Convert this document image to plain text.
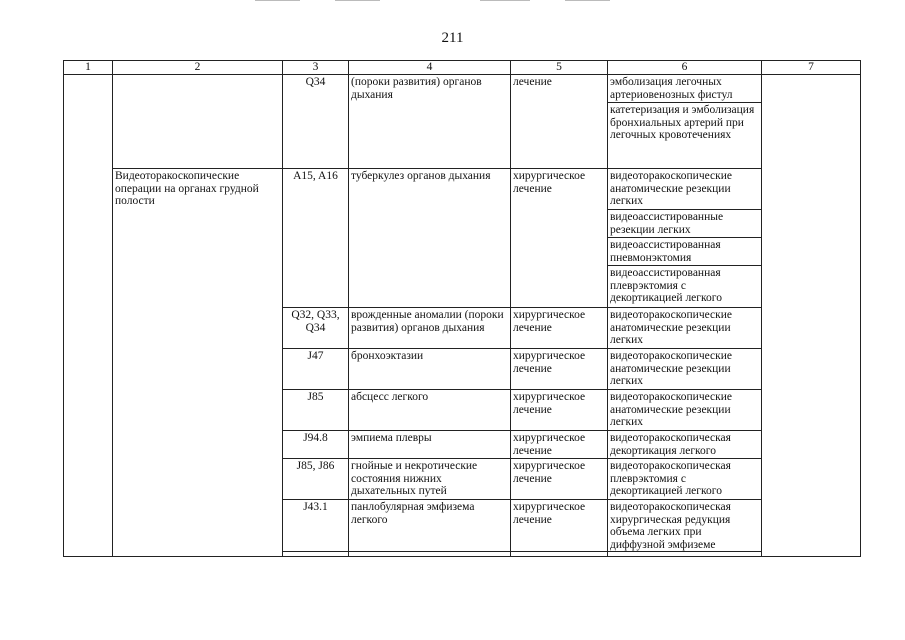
211
1	2	3	4	5	6	7
		Q34	(пороки развития) органов дыхания	лечение	эмболизация легочных артериовенозных фистул	
					катетеризация и эмболизация бронхиальных артерий при легочных кровотечениях	
	Видеоторакоскопические операции на органах грудной полости	A15, A16	туберкулез органов дыхания	хирургическое лечение	видеоторакоскопические анатомические резекции легких	
					видеоассистированные резекции легких	
					видеоассистированная пневмонэктомия	
					видеоассистированная плеврэктомия с декортикацией легкого	
		Q32, Q33, Q34	врожденные аномалии (пороки развития) органов дыхания	хирургическое лечение	видеоторакоскопические анатомические резекции легких	
		J47	бронхоэктазии	хирургическое лечение	видеоторакоскопические анатомические резекции легких	
		J85	абсцесс легкого	хирургическое лечение	видеоторакоскопические анатомические резекции легких	
		J94.8	эмпиема плевры	хирургическое лечение	видеоторакоскопическая декортикация легкого	
		J85, J86	гнойные и некротические состояния нижних дыхательных путей	хирургическое лечение	видеоторакоскопическая плеврэктомия с декортикацией легкого	
		J43.1	панлобулярная эмфизема легкого	хирургическое лечение	видеоторакоскопическая хирургическая редукция объема легких при диффузной эмфиземе	
